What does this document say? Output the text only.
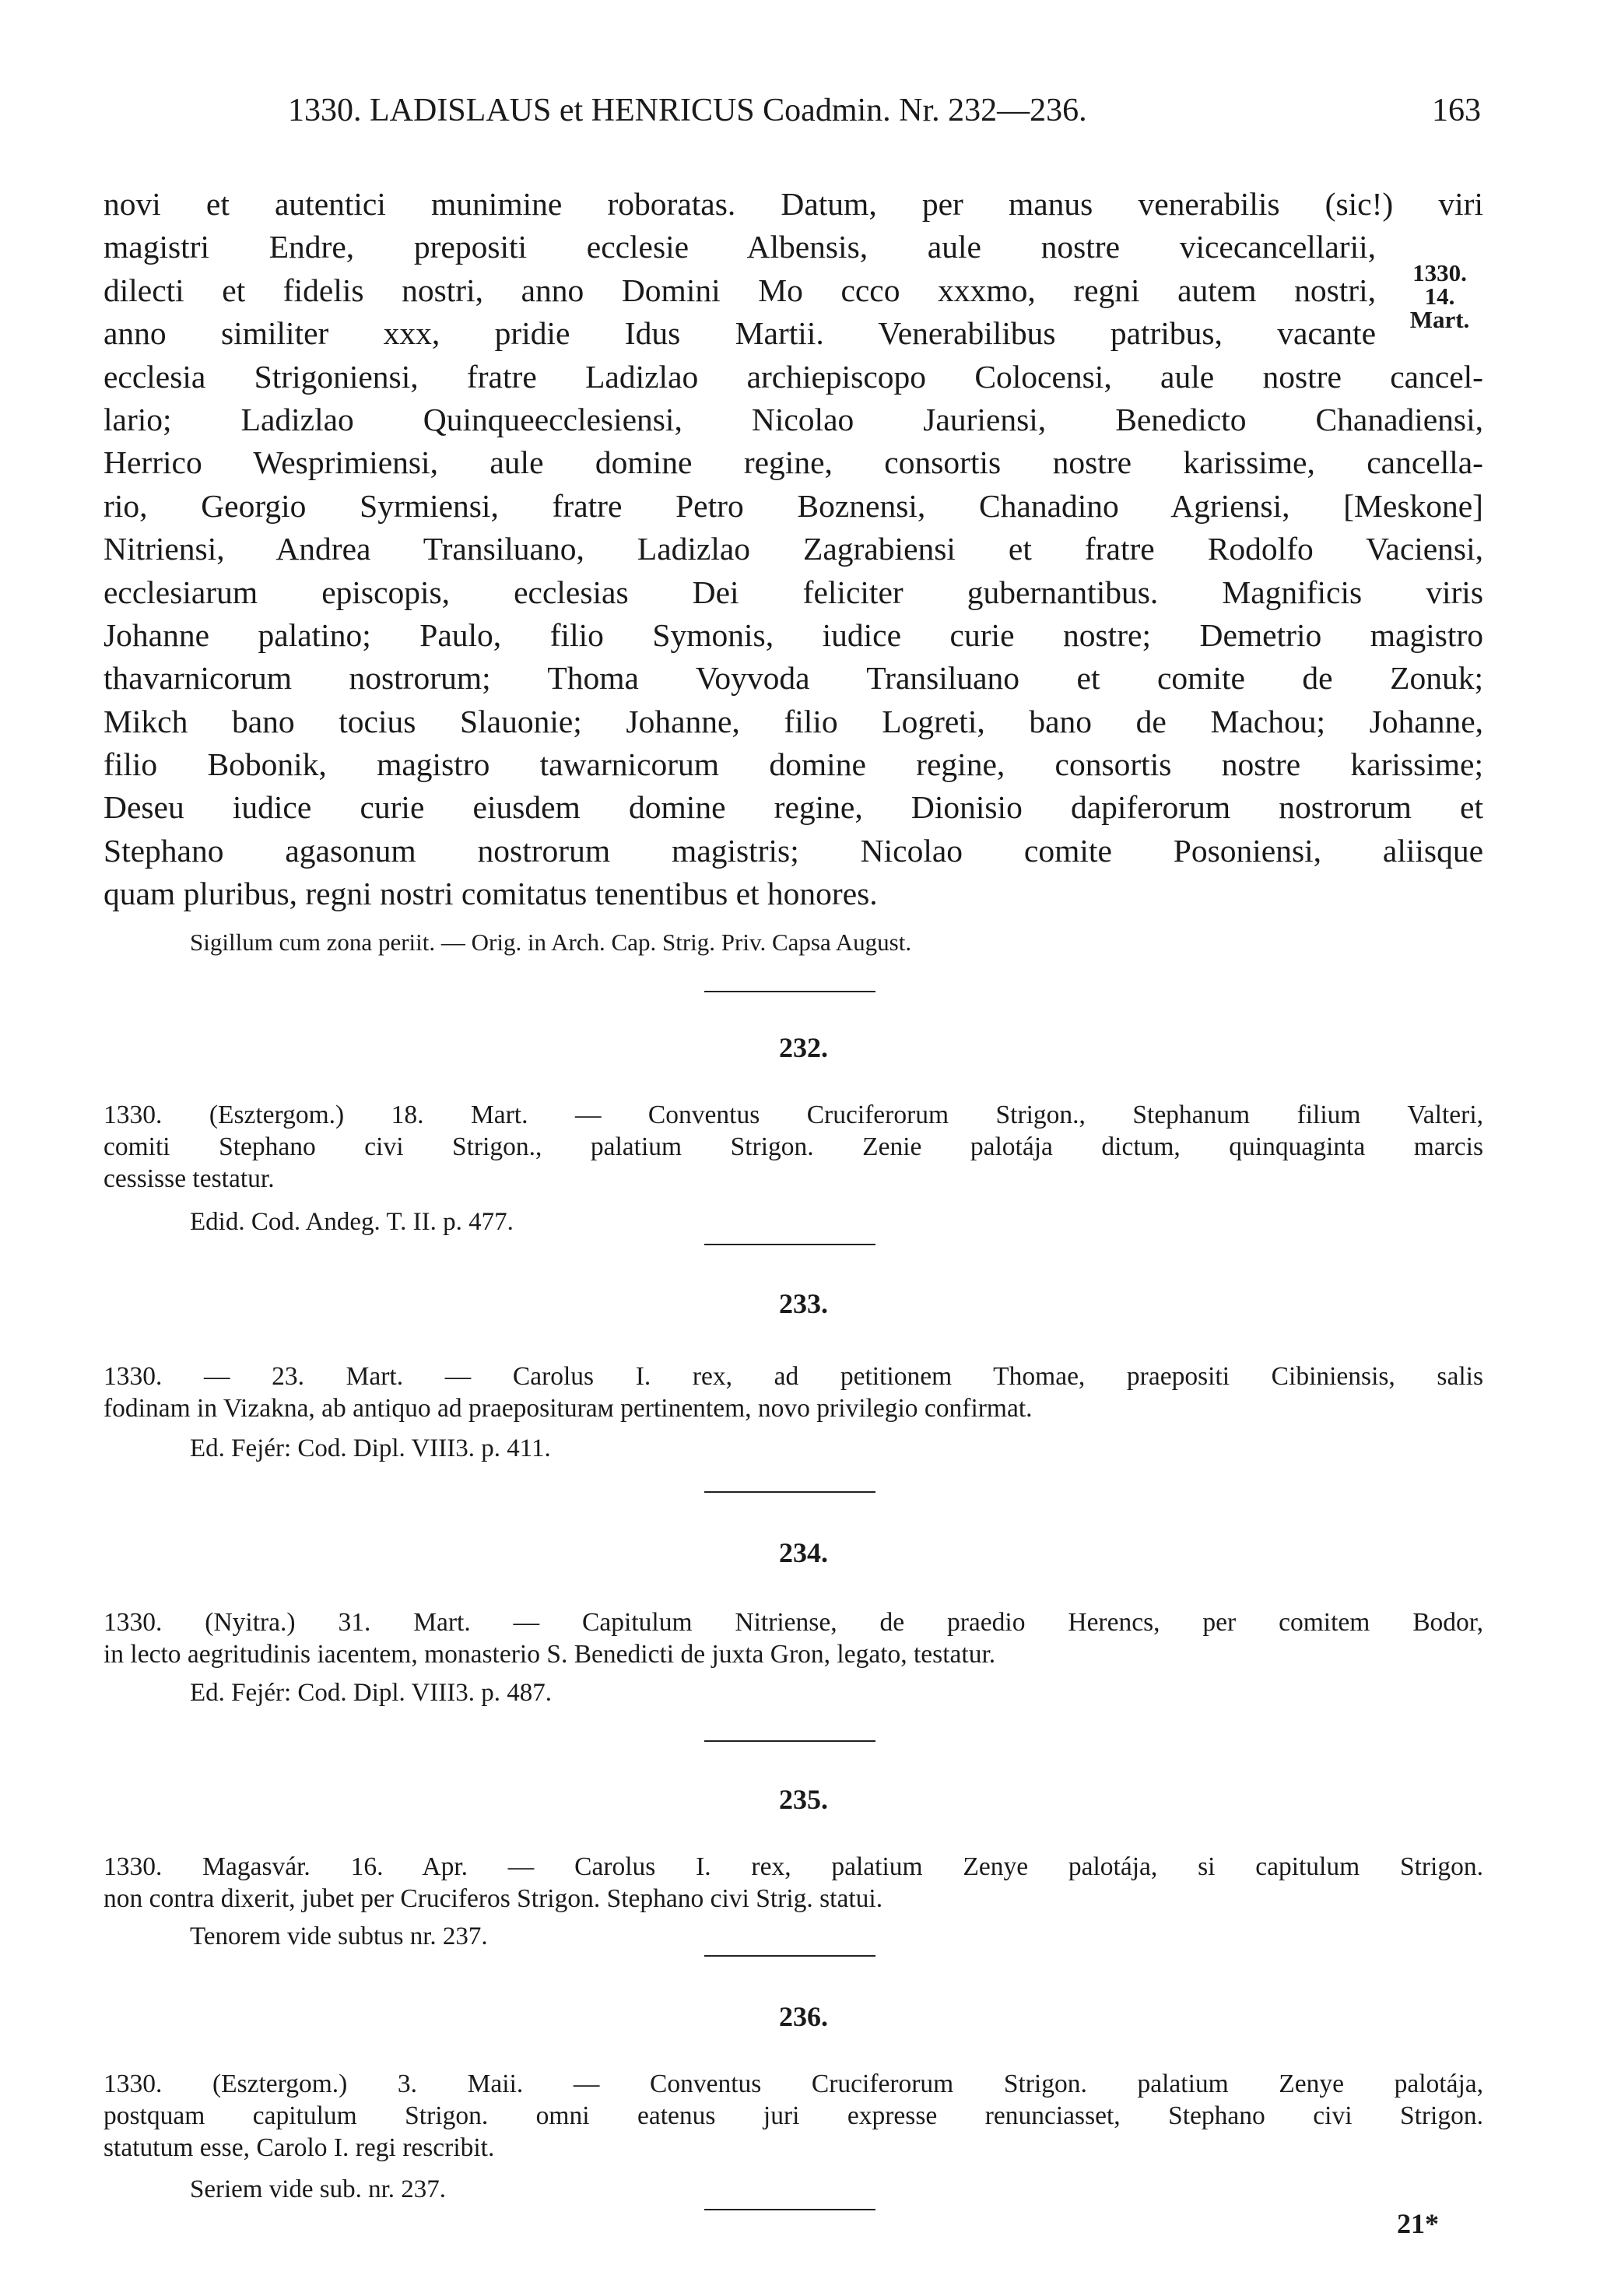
1330. LADISLAUS et HENRICUS Coadmin. Nr. 232—236.	163
novi et autentici munimine roboratas. Datum, per manus venerabilis (sic!) viri
magistri Endre, prepositi ecclesie Albensis, aule nostre vicecancellarii,
dilecti et fidelis nostri, anno Domini Mo ccco xxxmo, regni autem nostri,
anno similiter xxx, pridie Idus Martii. Venerabilibus patribus, vacante
ecclesia Strigoniensi, fratre Ladizlao archiepiscopo Colocensi, aule nostre cancel-
lario; Ladizlao Quinqueecclesiensi, Nicolao Jauriensi, Benedicto Chanadiensi,
Herrico Wesprimiensi, aule domine regine, consortis nostre karissime, cancella-
rio, Georgio Syrmiensi, fratre Petro Boznensi, Chanadino Agriensi, [Meskone]
Nitriensi, Andrea Transiluano, Ladizlao Zagrabiensi et fratre Rodolfo Vaciensi,
ecclesiarum episcopis, ecclesias Dei feliciter gubernantibus. Magnificis viris
Johanne palatino; Paulo, filio Symonis, iudice curie nostre; Demetrio magistro
thavarnicorum nostrorum; Thoma Voyvoda Transiluano et comite de Zonuk;
Mikch bano tocius Slauonie; Johanne, filio Logreti, bano de Machou; Johanne,
filio Bobonik, magistro tawarnicorum domine regine, consortis nostre karissime;
Deseu iudice curie eiusdem domine regine, Dionisio dapiferorum nostrorum et
Stephano agasonum nostrorum magistris; Nicolao comite Posoniensi, aliisque
quam pluribus, regni nostri comitatus tenentibus et honores.
1330.
14. Mart.
Sigillum cum zona periit. — Orig. in Arch. Cap. Strig. Priv. Capsa August.
232.
1330. (Esztergom.) 18. Mart. — Conventus Cruciferorum Strigon., Stephanum filium Valteri,
comiti Stephano civi Strigon., palatium Strigon. Zenie palotája dictum, quinquaginta marcis
cessisse testatur.
Edid. Cod. Andeg. T. II. p. 477.
233.
1330. — 23. Mart. — Carolus I. rex, ad petitionem Thomae, praepositi Cibiniensis, salis
fodinam in Vizakna, ab antiquo ad praepositurам pertinentem, novo privilegio confirmat.
Ed. Fejér: Cod. Dipl. VIII3. p. 411.
234.
1330. (Nyitra.) 31. Mart. — Capitulum Nitriense, de praedio Herencs, per comitem Bodor,
in lecto aegritudinis iacentem, monasterio S. Benedicti de juxta Gron, legato, testatur.
Ed. Fejér: Cod. Dipl. VIII3. p. 487.
235.
1330. Magasvár. 16. Apr. — Carolus I. rex, palatium Zenye palotája, si capitulum Strigon.
non contra dixerit, jubet per Cruciferos Strigon. Stephano civi Strig. statui.
Tenorem vide subtus nr. 237.
236.
1330. (Esztergom.) 3. Maii. — Conventus Cruciferorum Strigon. palatium Zenye palotája,
postquam capitulum Strigon. omni eatenus juri expresse renunciasset, Stephano civi Strigon.
statutum esse, Carolo I. regi rescribit.
Seriem vide sub. nr. 237.
21*
